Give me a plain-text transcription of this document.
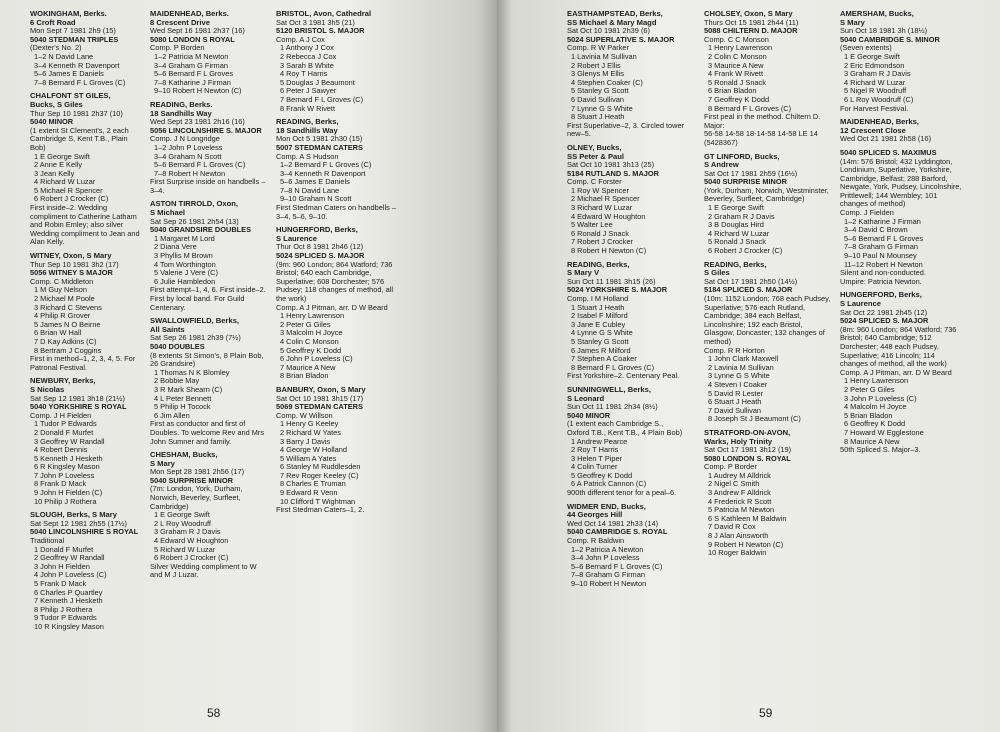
WOKINGHAM, Berks.
6 Croft Road
Mon Sept 7 1981 2h9 (15)
5040 STEDMAN TRIPLES
(Dexter's No. 2)
1–2 N David Lane
3–4 Kenneth R Davenport
5–6 James E Daniels
7–8 Bernard F L Groves (C)
CHALFONT ST GILES,
Bucks, S Giles
Thur Sep 10 1981 2h37 (10)
5040 MINOR
(1 extent St Clement's, 2 each Cambridge S, Kent T.B., Plain Bob)
1 E George Swift
2 Anne E Kelly
3 Jean Kelly
4 Richard W Luzar
5 Michael R Spencer
6 Robert J Crocker (C)
First inside–2. Wedding compliment to Catherine Latham and Robin Emley; also silver Wedding compliment to Jean and Alan Kelly.
WITNEY, Oxon, S Mary
Thur Sep 10 1981 3h2 (17)
5056 WITNEY S MAJOR
Comp. C Middleton
1 M Guy Nelson
2 Michael M Poole
3 Richard C Stevens
4 Philip R Grover
5 James N O Beirne
6 Brian W Hall
7 D Kay Adkins (C)
8 Bertram J Coggins
First in method–1, 2, 3, 4, 5. For Patronal Festival.
NEWBURY, Berks,
S Nicolas
Sat Sep 12 1981 3h18 (21½)
5040 YORKSHIRE S ROYAL
Comp. J H Fielden
1 Tudor P Edwards
2 Donald F Murfet
3 Geoffrey W Randall
4 Robert Dennis
5 Kenneth J Hesketh
6 R Kingsley Mason
7 John P Loveless
8 Frank D Mack
9 John H Fielden (C)
10 Philip J Rothera
SLOUGH, Berks, S Mary
Sat Sept 12 1981 2h55 (17½)
5040 LINCOLNSHIRE S ROYAL
Traditional
1 Donald F Murfet
2 Geoffrey W Randall
3 John H Fielden
4 John P Loveless (C)
5 Frank D Mack
6 Charles P Quartley
7 Kenneth J Hesketh
8 Philip J Rothera
9 Tudor P Edwards
10 R Kingsley Mason
MAIDENHEAD, Berks.
8 Crescent Drive
Wed Sept 16 1981 2h37 (16)
5080 LONDON S ROYAL
Comp. P Borden
1–2 Patricia M Newton
3–4 Graham G Firman
5–6 Bernard F L Groves
7–8 Katharine J Firman
9–10 Robert H Newton (C)
READING, Berks.
18 Sandhills Way
Wed Sept 23 1981 2h16 (16)
5056 LINCOLNSHIRE S. MAJOR
Comp. J N Longridge
1–2 John P Loveless
3–4 Graham N Scott
5–6 Bernard F L Groves (C)
7–8 Robert H Newton
First Surprise inside on handbells – 3–4.
ASTON TIRROLD, Oxon,
S Michael
Sat Sep 26 1981 2h54 (13)
5040 GRANDSIRE DOUBLES
1 Margaret M Lord
2 Diana Vere
3 Phyllis M Brown
4 Tom Worthington
5 Valerie J Vere (C)
6 Julie Hambledon
First attempt–1, 4, 6. First inside–2. First by local band. For Guild Centenary.
SWALLOWFIELD, Berks,
All Saints
Sat Sep 26 1981 2h39 (7½)
5040 DOUBLES
(8 extents St Simon's, 8 Plain Bob, 26 Grandsire)
1 Thomas N K Blomley
2 Bobbie May
3 R Mark Shearn (C)
4 L Peter Bennett
5 Philip H Tocock
6 Jim Allen
First as conductor and first of Doubles. To welcome Rev and Mrs John Sumner and family.
CHESHAM, Bucks,
S Mary
Mon Sept 28 1981 2h56 (17)
5040 SURPRISE MINOR
(7m: London, York, Durham, Norwich, Beverley, Surfleet, Cambridge)
1 E George Swift
2 L Roy Woodruff
3 Graham R J Davis
4 Edward W Houghton
5 Richard W Luzar
6 Robert J Crocker (C)
Silver Wedding compliment to W and M J Luzar.
BRISTOL, Avon, Cathedral
Sat Oct 3 1981 3h5 (21)
5120 BRISTOL S. MAJOR
Comp. A J Cox
1 Anthony J Cox
2 Rebecca J Cox
3 Sarah B White
4 Roy T Harris
5 Douglas J Beaumont
6 Peter J Sawyer
7 Bernard F L Groves (C)
8 Frank W Rivett
READING, Berks,
18 Sandhills Way
Mon Oct 5 1981 2h30 (15)
5007 STEDMAN CATERS
Comp. A S Hudson
1–2 Bernard F L Groves (C)
3–4 Kenneth R Davenport
5–6 James E Daniels
7–8 N David Lane
9–10 Graham N Scott
First Stedman Caters on handbells – 3–4, 5–6, 9–10.
HUNGERFORD, Berks,
S Laurence
Thur Oct 8 1981 2h46 (12)
5024 SPLICED S. MAJOR
(9m: 960 London; 864 Watford; 736 Bristol; 640 each Cambridge, Superlative; 608 Dorchester; 576 Pudsey; 118 changes of method, all the work)
Comp. A J Pitman, arr. D W Beard
1 Henry Lawrenson
2 Peter G Giles
3 Malcolm H Joyce
4 Colin C Monson
5 Geoffrey K Dodd
6 John P Loveless (C)
7 Maurice A New
8 Brian Bladon
BANBURY, Oxon, S Mary
Sat Oct 10 1981 3h15 (17)
5069 STEDMAN CATERS
Comp. W Willson
1 Henry G Keeley
2 Richard W Yates
3 Barry J Davis
4 George W Holland
5 William A Yates
6 Stanley M Ruddlesden
7 Rev Roger Keeley (C)
8 Charles E Truman
9 Edward R Venn
10 Clifford T Wightman
First Stedman Caters–1, 2.
58
EASTHAMPSTEAD, Berks,
SS Michael & Mary Magd
Sat Oct 10 1981 2h39 (6)
5024 SUPERLATIVE S. MAJOR
Comp. R W Parker
1 Lavinia M Sullivan
2 Robert J Ellis
3 Glenys M Ellis
4 Stephen Coaker (C)
5 Stanley G Scott
6 David Sullivan
7 Lynne G S White
8 Stuart J Heath
First Superlative–2, 3. Circled tower new–5.
OLNEY, Bucks,
SS Peter & Paul
Sat Oct 10 1981 3h13 (25)
5184 RUTLAND S. MAJOR
Comp. C Forster
1 Roy W Spencer
2 Michael R Spencer
3 Richard W Luzar
4 Edward W Houghton
5 Walter Lee
6 Ronald J Snack
7 Robert J Crocker
8 Robert H Newton (C)
READING, Berks,
S Mary V
Sun Oct 11 1981 3h15 (26)
5024 YORKSHIRE S. MAJOR
Comp. I M Holland
1 Stuart J Heath
2 Isabel F Milford
3 Jane E Cubley
4 Lynne G S White
5 Stanley G Scott
6 James R Milford
7 Stephen A Coaker
8 Bernard F L Groves (C)
First Yorkshire–2. Centenary Peal.
SUNNINGWELL, Berks,
S Leonard
Sun Oct 11 1981 2h34 (8½)
5040 MINOR
(1 extent each Cambridge S., Oxford T.B., Kent T.B., 4 Plain Bob)
1 Andrew Pearce
2 Roy T Harris
3 Helen T Piper
4 Colin Turner
5 Geoffrey K Dodd
6 A Patrick Cannon (C)
900th different tenor for a peal–6.
WIDMER END, Bucks,
44 Georges Hill
Wed Oct 14 1981 2h33 (14)
5040 CAMBRIDGE S. ROYAL
Comp. R Baldwin
1–2 Patricia A Newton
3–4 John P Loveless
5–6 Bernard F L Groves (C)
7–8 Graham G Firman
9–10 Robert H Newton
CHOLSEY, Oxon, S Mary
Thurs Oct 15 1981 2h44 (11)
5088 CHILTERN D. MAJOR
Comp. C C Monson
1 Henry Lawrenson
2 Colin C Monson
3 Maurice A New
4 Frank W Rivett
5 Ronald J Snack
6 Brian Bladon
7 Geoffrey K Dodd
8 Bernard F L Groves (C)
First peal in the method. Chiltern D. Major:
56-58 14-58 18-14-58 14-58 LE 14 (5428367)
GT LINFORD, Bucks,
S Andrew
Sat Oct 17 1981 2h59 (16½)
5040 SURPRISE MINOR
(York, Durham, Norwich, Westminster, Beverley, Surfleet, Cambridge)
1 E George Swift
2 Graham R J Davis
3 B Douglas Hird
4 Richard W Luzar
5 Ronald J Snack
6 Robert J Crocker (C)
READING, Berks,
S Giles
Sat Oct 17 1981 2h50 (14½)
5184 SPLICED S. MAJOR
(10m: 1152 London; 768 each Pudsey, Superlative; 576 each Rutland, Cambridge; 384 each Belfast, Lincolnshire; 192 each Bristol, Glasgow, Doncaster; 132 changes of method)
Comp. R R Horton
1 John Clark Maxwell
2 Lavinia M Sullivan
3 Lynne G S White
4 Steven I Coaker
5 David R Lester
6 Stuart J Heath
7 David Sullivan
8 Joseph St J Beaumont (C)
STRATFORD-ON-AVON,
Warks, Holy Trinity
Sat Oct 17 1981 3h12 (19)
5080 LONDON S. ROYAL
Comp. P Border
1 Audrey M Alldrick
2 Nigel C Smith
3 Andrew F Alldrick
4 Frederick R Scott
5 Patricia M Newton
6 S Kathleen M Baldwin
7 David R Cox
8 J Alan Ainsworth
9 Robert H Newton (C)
10 Roger Baldwin
AMERSHAM, Bucks,
S Mary
Sun Oct 18 1981 3h (18½)
5040 CAMBRIDGE S. MINOR
(Seven extents)
1 E George Swift
2 Eric Edmondson
3 Graham R J Davis
4 Richard W Luzar
5 Nigel R Woodruff
6 L Roy Woodruff (C)
For Harvest Festival.
MAIDENHEAD, Berks,
12 Crescent Close
Wed Oct 21 1981 2h58 (16)
5040 SPLICED S. MAXIMUS
(14m: 576 Bristol; 432 Lyddington, Londinium, Superlative, Yorkshire, Cambridge, Belfast; 288 Barford, Newgate, York, Pudsey, Lincolnshire, Prittlewell; 144 Wembley; 101 changes of method)
Comp. J Fielden
1–2 Katharine J Firman
3–4 David C Brown
5–6 Bernard F L Groves
7–8 Graham G Firman
9–10 Paul N Mounsey
11–12 Robert H Newton
Silent and non-conducted.
Umpire: Patricia Newton.
HUNGERFORD, Berks,
S Laurence
Sat Oct 22 1981 2h45 (12)
5024 SPLICED S. MAJOR
(8m: 960 London; 864 Watford; 736 Bristol; 640 Cambridge; 512 Dorchester; 448 each Pudsey, Superlative; 416 Lincoln; 114 changes of method, all the work)
Comp. A J Pitman, arr. D W Beard
1 Henry Lawrenson
2 Peter G Giles
3 John P Loveless (C)
4 Malcolm H Joyce
5 Brian Bladon
6 Geoffrey K Dodd
7 Howard W Egglestone
8 Maurice A New
50th Spliced S. Major–3.
59
